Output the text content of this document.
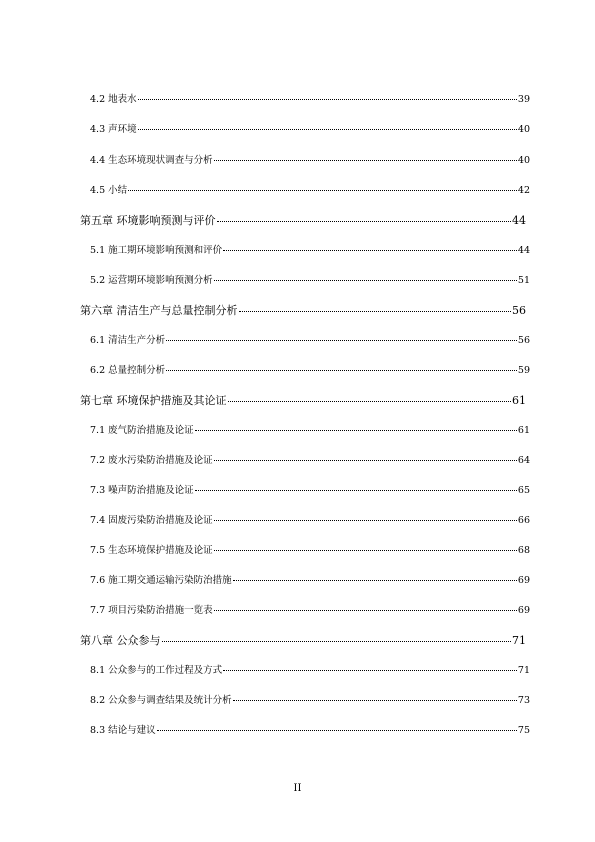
4.2 地表水	39
4.3 声环境	40
4.4 生态环境现状调查与分析	40
4.5 小结	42
第五章 环境影响预测与评价	44
5.1 施工期环境影响预测和评价	44
5.2 运营期环境影响预测分析	51
第六章 清洁生产与总量控制分析	56
6.1 清洁生产分析	56
6.2 总量控制分析	59
第七章 环境保护措施及其论证	61
7.1 废气防治措施及论证	61
7.2 废水污染防治措施及论证	64
7.3 噪声防治措施及论证	65
7.4 固废污染防治措施及论证	66
7.5 生态环境保护措施及论证	68
7.6 施工期交通运输污染防治措施	69
7.7 项目污染防治措施一览表	69
第八章 公众参与	71
8.1 公众参与的工作过程及方式	71
8.2 公众参与调查结果及统计分析	73
8.3 结论与建议	75
II
